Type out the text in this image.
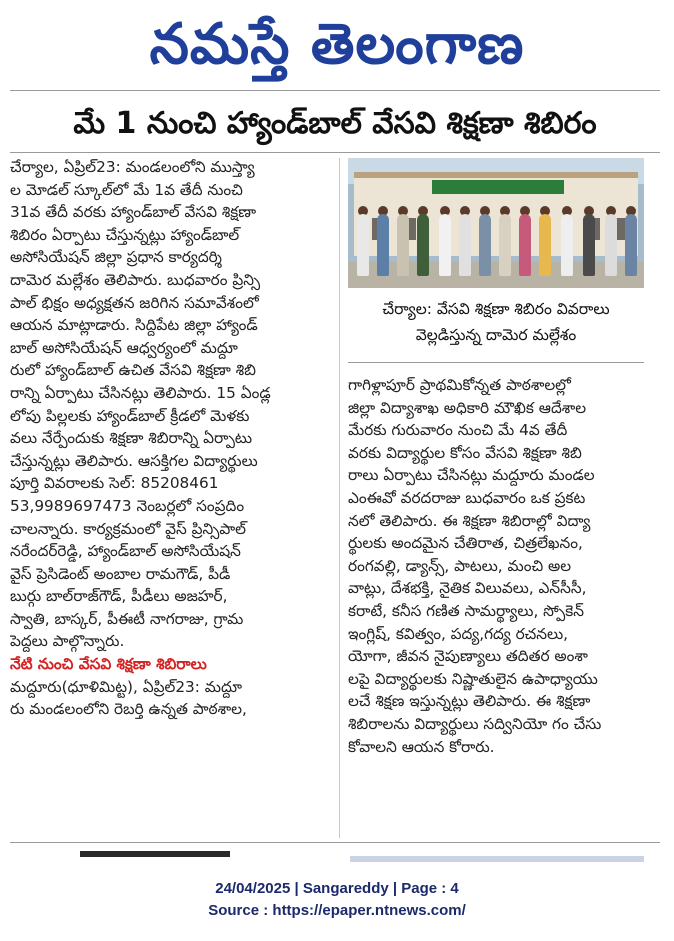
నమస్తే తెలంగాణ
మే 1 నుంచి హ్యాండ్‌బాల్ వేసవి శిక్షణా శిబిరం
చేర్యాల, ఏప్రిల్23: మండలంలోని ముస్త్యా
ల మోడల్ స్కూల్‌లో మే 1వ తేదీ నుంచి
31వ తేదీ వరకు హ్యాండ్‌బాల్ వేసవి శిక్షణా
శిబిరం ఏర్పాటు చేస్తున్నట్లు హ్యాండ్‌బాల్
అసోసియేషన్ జిల్లా ప్రధాన కార్యదర్శి
దామెర మల్లేశం తెలిపారు. బుధవారం ప్రిన్సి
పాల్ భిక్షం అధ్యక్షతన జరిగిన సమావేశంలో
ఆయన మాట్లాడారు. సిద్దిపేట జిల్లా హ్యాండ్
బాల్ అసోసియేషన్ ఆధ్వర్యంలో మద్దూ
రులో హ్యాండ్‌బాల్ ఉచిత వేసవి శిక్షణా శిబి
రాన్ని ఏర్పాటు చేసినట్లు తెలిపారు. 15 ఏండ్ల
లోపు పిల్లలకు హ్యాండ్‌బాల్ క్రీడలో మెళకు
వలు నేర్పేందుకు శిక్షణా శిబిరాన్ని ఏర్పాటు
చేస్తున్నట్లు తెలిపారు. ఆసక్తిగల విద్యార్థులు
పూర్తి వివరాలకు సెల్: 85208461
53,9989697473 నెంబర్లలో సంప్రదిం
చాలన్నారు. కార్యక్రమంలో వైస్ ప్రిన్సిపాల్
నరేందర్‌రెడ్డి, హ్యాండ్‌బాల్ అసోసియేషన్
వైస్ ప్రెసిడెంట్ అంబాల రామగౌడ్, పీడీ
బుర్గు బాల్‌రాజ్‌గౌడ్, పీడీలు అజహర్,
స్వాతి, బాస్కర్, పీఈటీ నాగరాజు, గ్రామ
పెద్దలు పాల్గొన్నారు.
నేటి నుంచి వేసవి శిక్షణా శిబిరాలు
మద్దూరు(ధూళిమిట్ట), ఏప్రిల్23: మద్దూ
రు మండలంలోని రెబర్తి ఉన్నత పాఠశాల,
చేర్యాల: వేసవి శిక్షణా శిబిరం వివరాలు
వెల్లడిస్తున్న దామెర మల్లేశం
గాగిళ్లాపూర్ ప్రాథమికోన్నత పాఠశాలల్లో
జిల్లా విద్యాశాఖ అధికారి మౌఖిక ఆదేశాల
మేరకు గురువారం నుంచి మే 4వ తేదీ
వరకు విద్యార్థుల కోసం వేసవి శిక్షణా శిబి
రాలు ఏర్పాటు చేసినట్లు మద్దూరు మండల
ఎంఈవో వరదరాజు బుధవారం ఒక ప్రకట
నలో తెలిపారు. ఈ శిక్షణా శిబిరాల్లో విద్యా
ర్థులకు అందమైన చేతిరాత, చిత్రలేఖనం,
రంగవల్లి, డ్యాన్స్, పాటలు, మంచి అల
వాట్లు, దేశభక్తి, నైతిక విలువలు, ఎన్‌సీసీ,
కరాటే, కనీస గణిత సామర్థ్యాలు, స్పోకెన్
ఇంగ్లిష్, కవిత్వం, పద్య,గద్య రచనలు,
యోగా, జీవన నైపుణ్యాలు తదితర అంశా
లపై విద్యార్థులకు నిష్ణాతులైన ఉపాధ్యాయు
లచే శిక్షణ ఇస్తున్నట్లు తెలిపారు. ఈ శిక్షణా
శిబిరాలను విద్యార్థులు సద్వినియో గం చేసు
కోవాలని ఆయన కోరారు.
24/04/2025 | Sangareddy | Page : 4
Source : https://epaper.ntnews.com/
